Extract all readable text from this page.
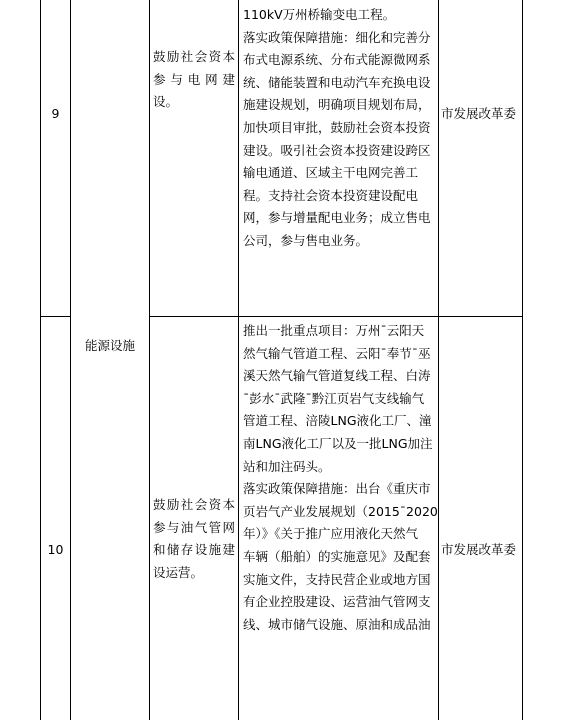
9
鼓励社会资本
参与电网建
设。
110kV万州桥输变电工程。
落实政策保障措施：细化和完善分
布式电源系统、分布式能源微网系
统、储能装置和电动汽车充换电设
施建设规划，明确项目规划布局，
加快项目审批，鼓励社会资本投资
建设。吸引社会资本投资建设跨区
输电通道、区域主干电网完善工
程。支持社会资本投资建设配电
网，参与增量配电业务；成立售电
公司，参与售电业务。
市发展改革委
能源设施
10
鼓励社会资本
参与油气管网
和储存设施建
设运营。
推出一批重点项目：万州¯云阳天
然气输气管道工程、云阳¯奉节¯巫
溪天然气输气管道复线工程、白涛
¯彭水¯武隆¯黔江页岩气支线输气
管道工程、涪陵LNG液化工厂、潼
南LNG液化工厂以及一批LNG加注
站和加注码头。
落实政策保障措施：出台《重庆市
页岩气产业发展规划（2015¯2020
年）》《关于推广应用液化天然气
车辆（船舶）的实施意见》及配套
实施文件，支持民营企业或地方国
有企业控股建设、运营油气管网支
线、城市储气设施、原油和成品油
市发展改革委
